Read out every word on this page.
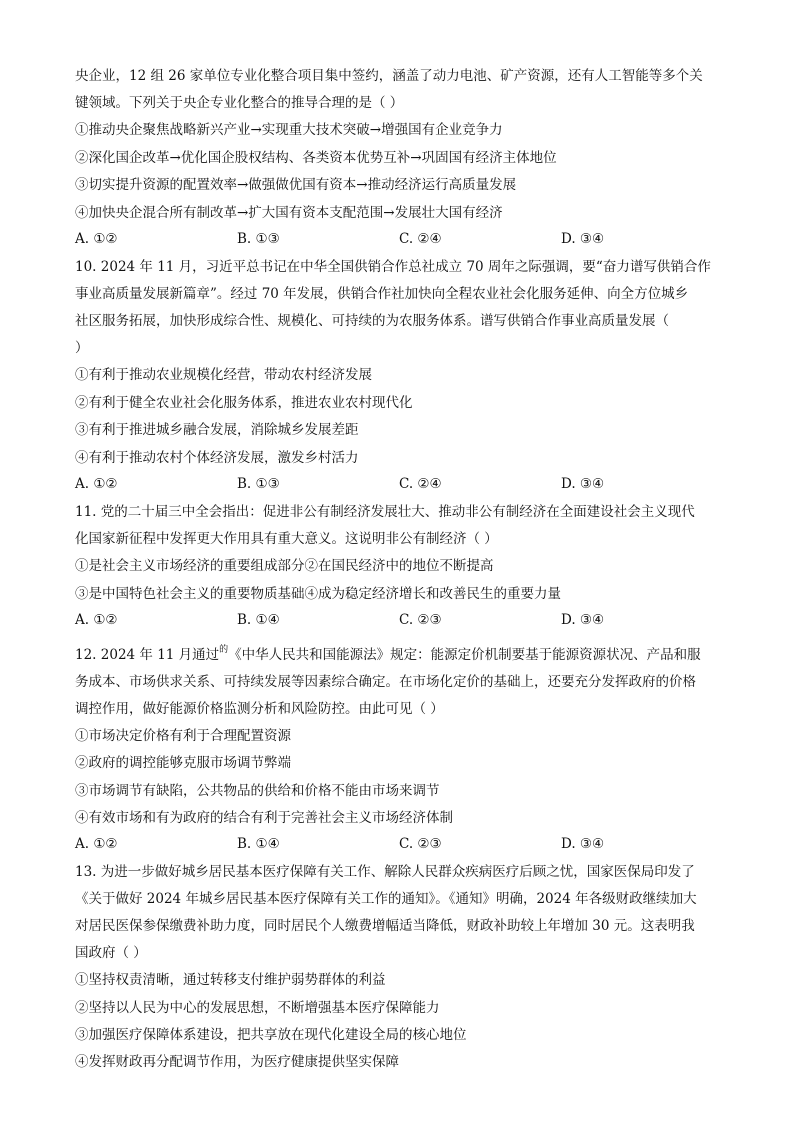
央企业，12 组 26 家单位专业化整合项目集中签约，涵盖了动力电池、矿产资源，还有人工智能等多个关
键领域。下列关于央企专业化整合的推导合理的是（ ）
①推动央企聚焦战略新兴产业→实现重大技术突破→增强国有企业竞争力
②深化国企改革→优化国企股权结构、各类资本优势互补→巩固国有经济主体地位
③切实提升资源的配置效率→做强做优国有资本→推动经济运行高质量发展
④加快央企混合所有制改革→扩大国有资本支配范围→发展壮大国有经济
A. ①②	B. ①③	C. ②④	D. ③④
10. 2024 年 11 月，习近平总书记在中华全国供销合作总社成立 70 周年之际强调，要“奋力谱写供销合作
事业高质量发展新篇章”。经过 70 年发展，供销合作社加快向全程农业社会化服务延伸、向全方位城乡
社区服务拓展，加快形成综合性、规模化、可持续的为农服务体系。谱写供销合作事业高质量发展（
）
①有利于推动农业规模化经营，带动农村经济发展
②有利于健全农业社会化服务体系，推进农业农村现代化
③有利于推进城乡融合发展，消除城乡发展差距
④有利于推动农村个体经济发展，激发乡村活力
A. ①②	B. ①③	C. ②④	D. ③④
11. 党的二十届三中全会指出：促进非公有制经济发展壮大、推动非公有制经济在全面建设社会主义现代
化国家新征程中发挥更大作用具有重大意义。这说明非公有制经济（ ）
①是社会主义市场经济的重要组成部分②在国民经济中的地位不断提高
③是中国特色社会主义的重要物质基础④成为稳定经济增长和改善民生的重要力量
A. ①②	B. ①④	C. ②③	D. ③④
12. 2024 年 11 月通过$^的$《中华人民共和国能源法》规定：能源定价机制要基于能源资源状况、产品和服
务成本、市场供求关系、可持续发展等因素综合确定。在市场化定价的基础上，还要充分发挥政府的价格
调控作用，做好能源价格监测分析和风险防控。由此可见（ ）
①市场决定价格有利于合理配置资源
②政府的调控能够克服市场调节弊端
③市场调节有缺陷，公共物品的供给和价格不能由市场来调节
④有效市场和有为政府的结合有利于完善社会主义市场经济体制
A. ①②	B. ①④	C. ②③	D. ③④
13. 为进一步做好城乡居民基本医疗保障有关工作、解除人民群众疾病医疗后顾之忧，国家医保局印发了
《关于做好 2024 年城乡居民基本医疗保障有关工作的通知》。《通知》明确，2024 年各级财政继续加大
对居民医保参保缴费补助力度，同时居民个人缴费增幅适当降低，财政补助较上年增加 30 元。这表明我
国政府（ ）
①坚持权责清晰，通过转移支付维护弱势群体的利益
②坚持以人民为中心的发展思想，不断增强基本医疗保障能力
③加强医疗保障体系建设，把共享放在现代化建设全局的核心地位
④发挥财政再分配调节作用，为医疗健康提供坚实保障
